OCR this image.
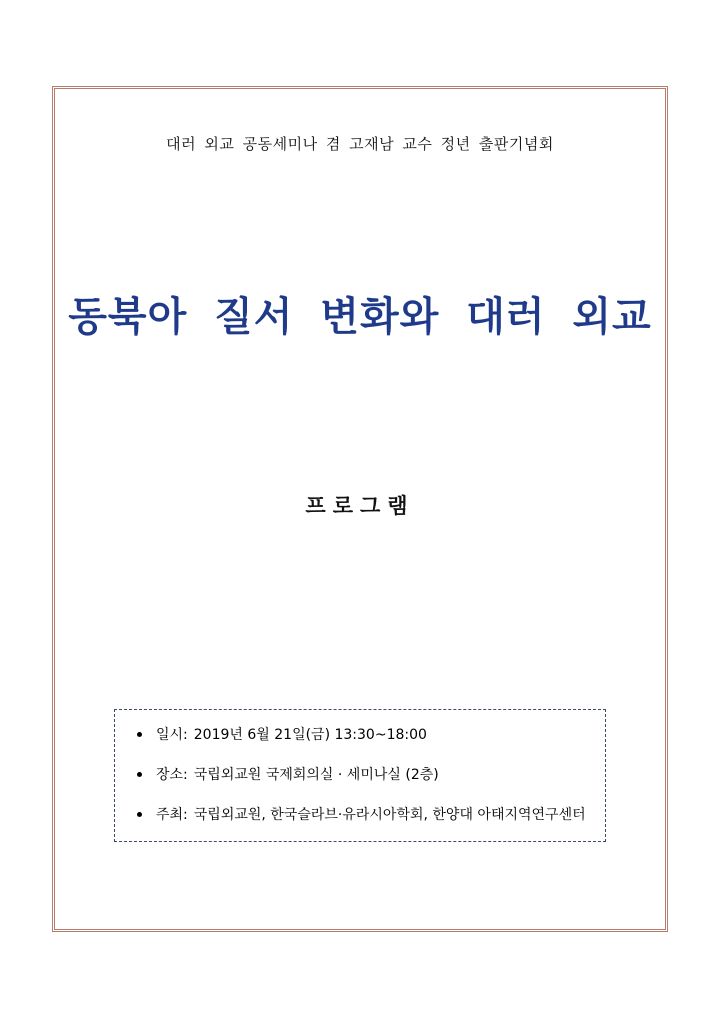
대러 외교 공동세미나 겸 고재남 교수 정년 출판기념회
동북아 질서 변화와 대러 외교
프로그램
일시: 2019년 6월 21일(금) 13:30~18:00
장소: 국립외교원 국제회의실 · 세미나실 (2층)
주최: 국립외교원, 한국슬라브·유라시아학회, 한양대 아태지역연구센터
